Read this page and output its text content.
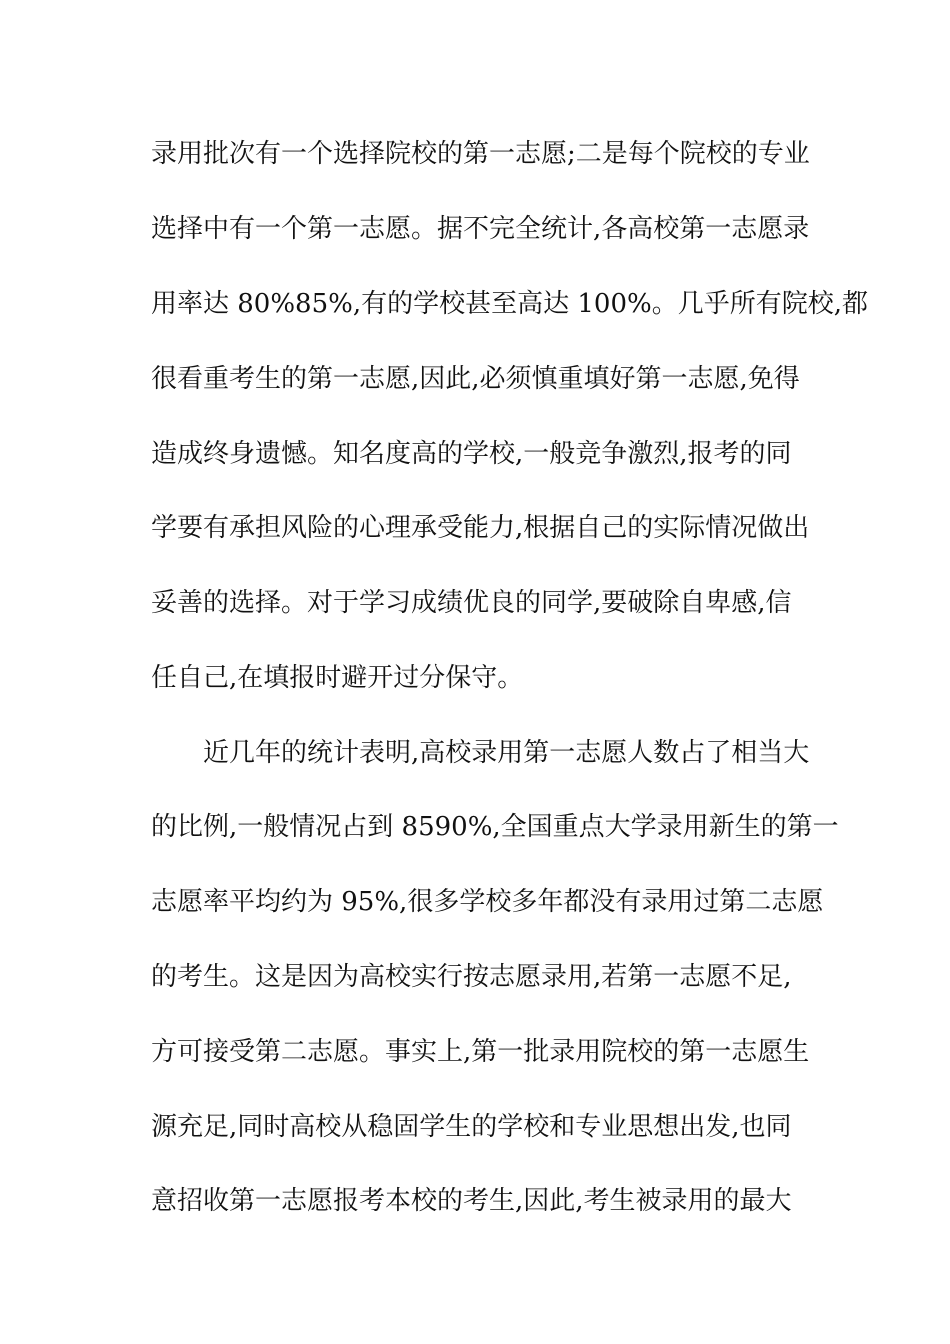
录用批次有一个选择院校的第一志愿;二是每个院校的专业
选择中有一个第一志愿。据不完全统计,各高校第一志愿录
用率达 80%85%,有的学校甚至高达 100%。几乎所有院校,都
很看重考生的第一志愿,因此,必须慎重填好第一志愿,免得
造成终身遗憾。知名度高的学校,一般竞争激烈,报考的同
学要有承担风险的心理承受能力,根据自己的实际情况做出
妥善的选择。对于学习成绩优良的同学,要破除自卑感,信
任自己,在填报时避开过分保守。
近几年的统计表明,高校录用第一志愿人数占了相当大
的比例,一般情况占到 8590%,全国重点大学录用新生的第一
志愿率平均约为 95%,很多学校多年都没有录用过第二志愿
的考生。这是因为高校实行按志愿录用,若第一志愿不足,
方可接受第二志愿。事实上,第一批录用院校的第一志愿生
源充足,同时高校从稳固学生的学校和专业思想出发,也同
意招收第一志愿报考本校的考生,因此,考生被录用的最大
